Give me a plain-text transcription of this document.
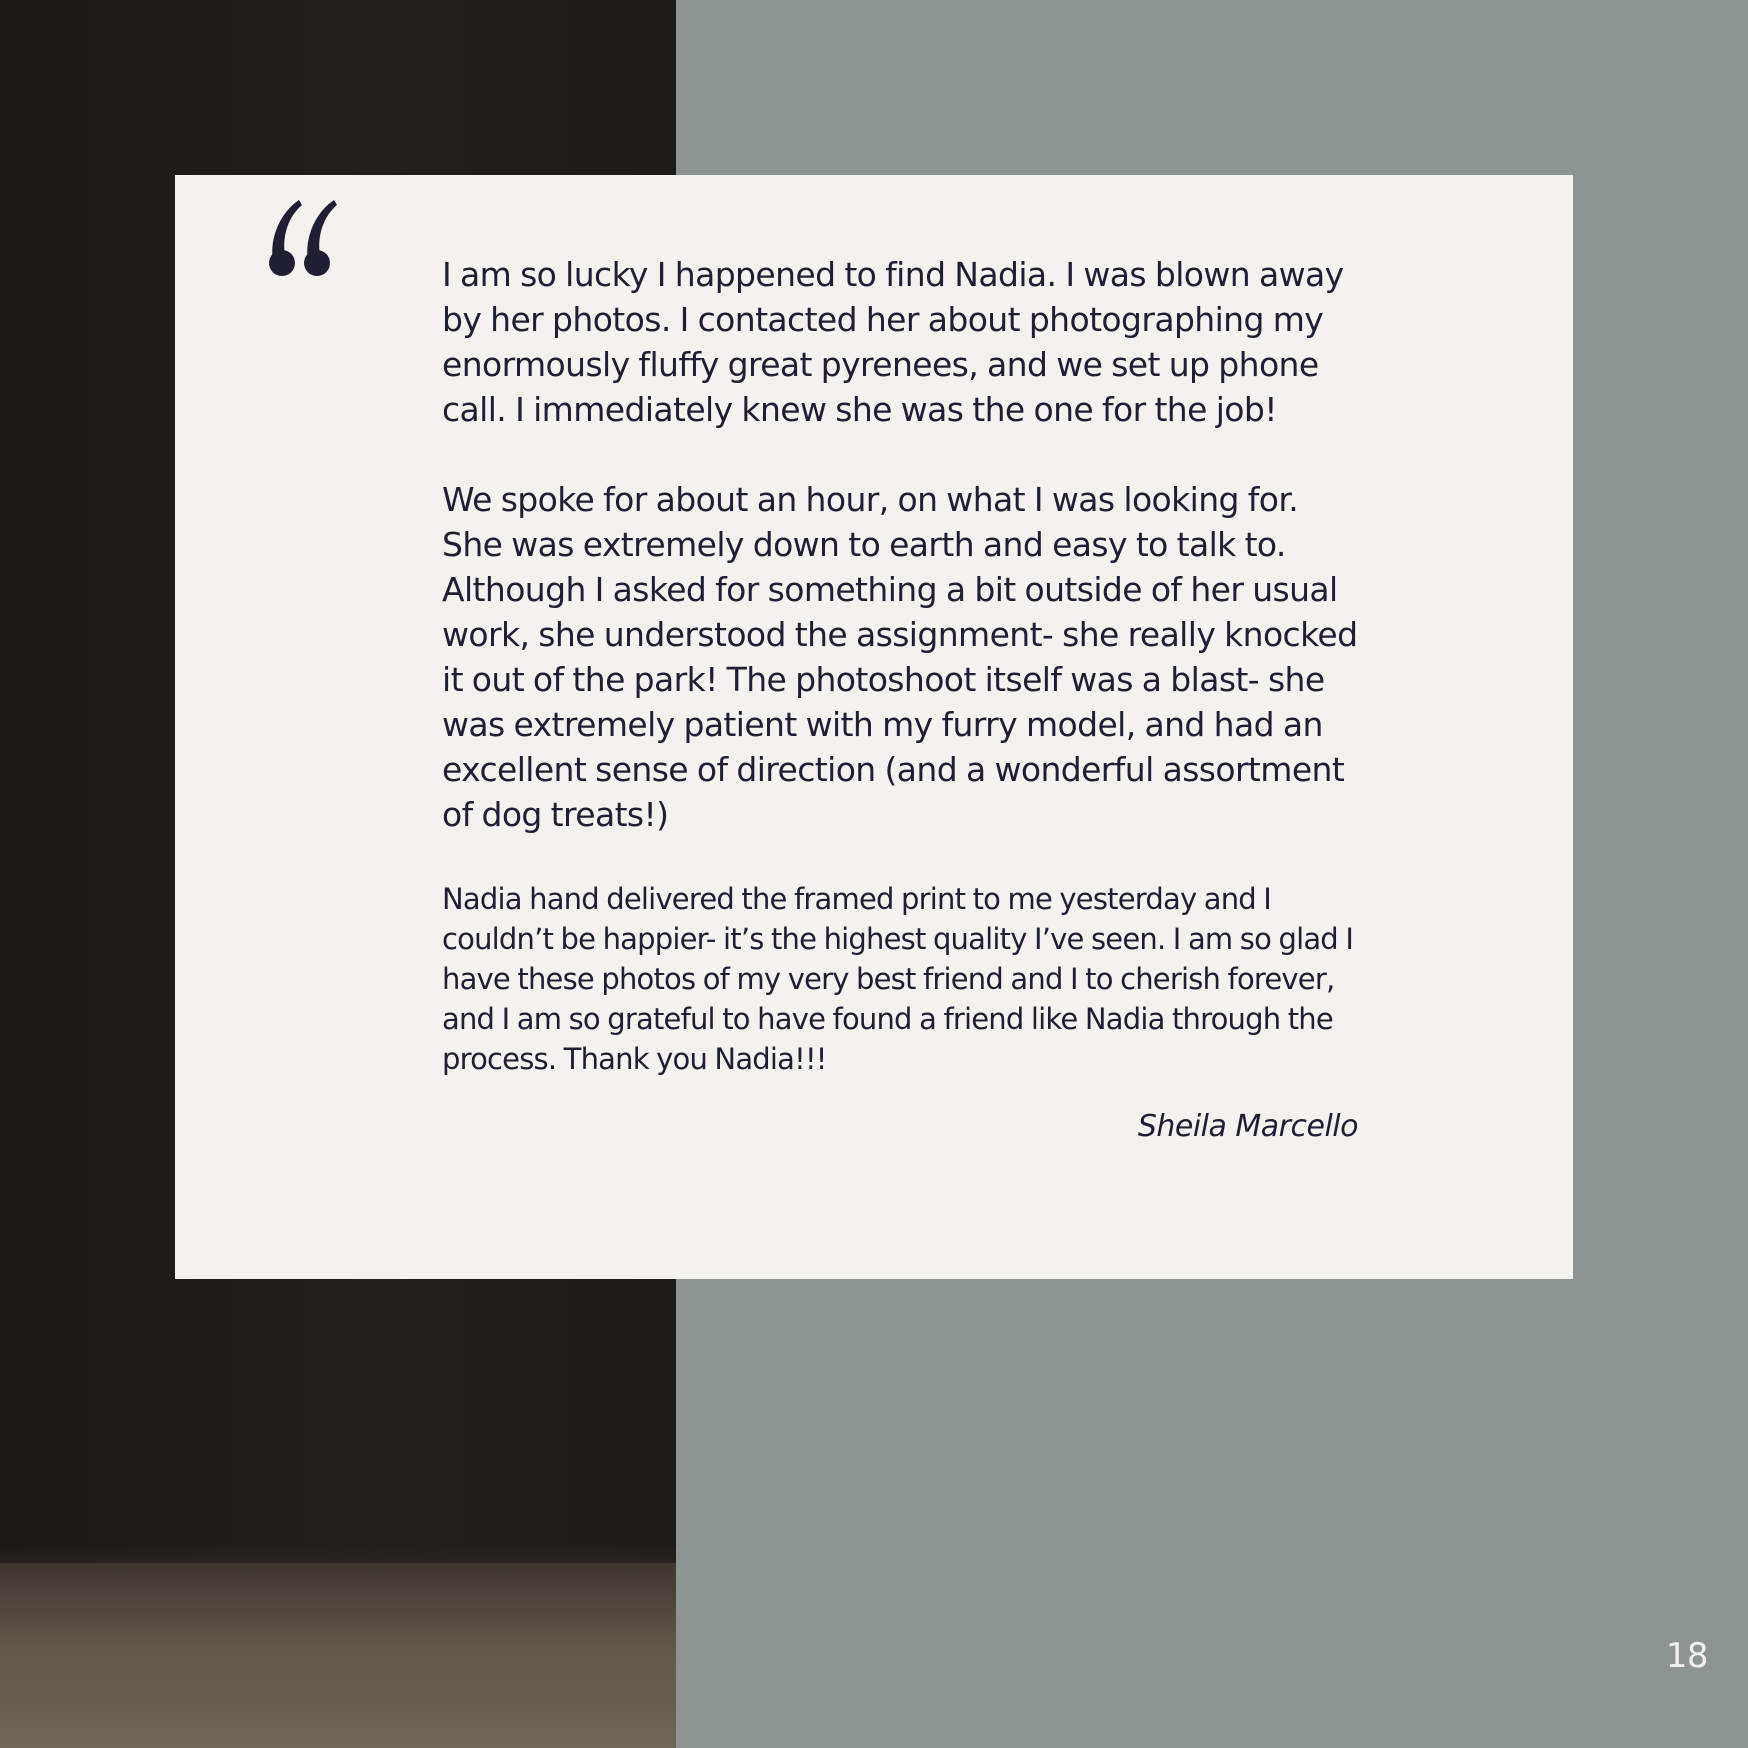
I am so lucky I happened to find Nadia. I was blown away by her photos. I contacted her about photographing my enormously fluffy great pyrenees, and we set up phone call. I immediately knew she was the one for the job!

We spoke for about an hour, on what I was looking for. She was extremely down to earth and easy to talk to. Although I asked for something a bit outside of her usual work, she understood the assignment- she really knocked it out of the park! The photoshoot itself was a blast- she was extremely patient with my furry model, and had an excellent sense of direction (and a wonderful assortment of dog treats!)

Nadia hand delivered the framed print to me yesterday and I couldn’t be happier- it’s the highest quality I’ve seen. I am so glad I have these photos of my very best friend and I to cherish forever, and I am so grateful to have found a friend like Nadia through the process. Thank you Nadia!!!

Sheila Marcello

18
